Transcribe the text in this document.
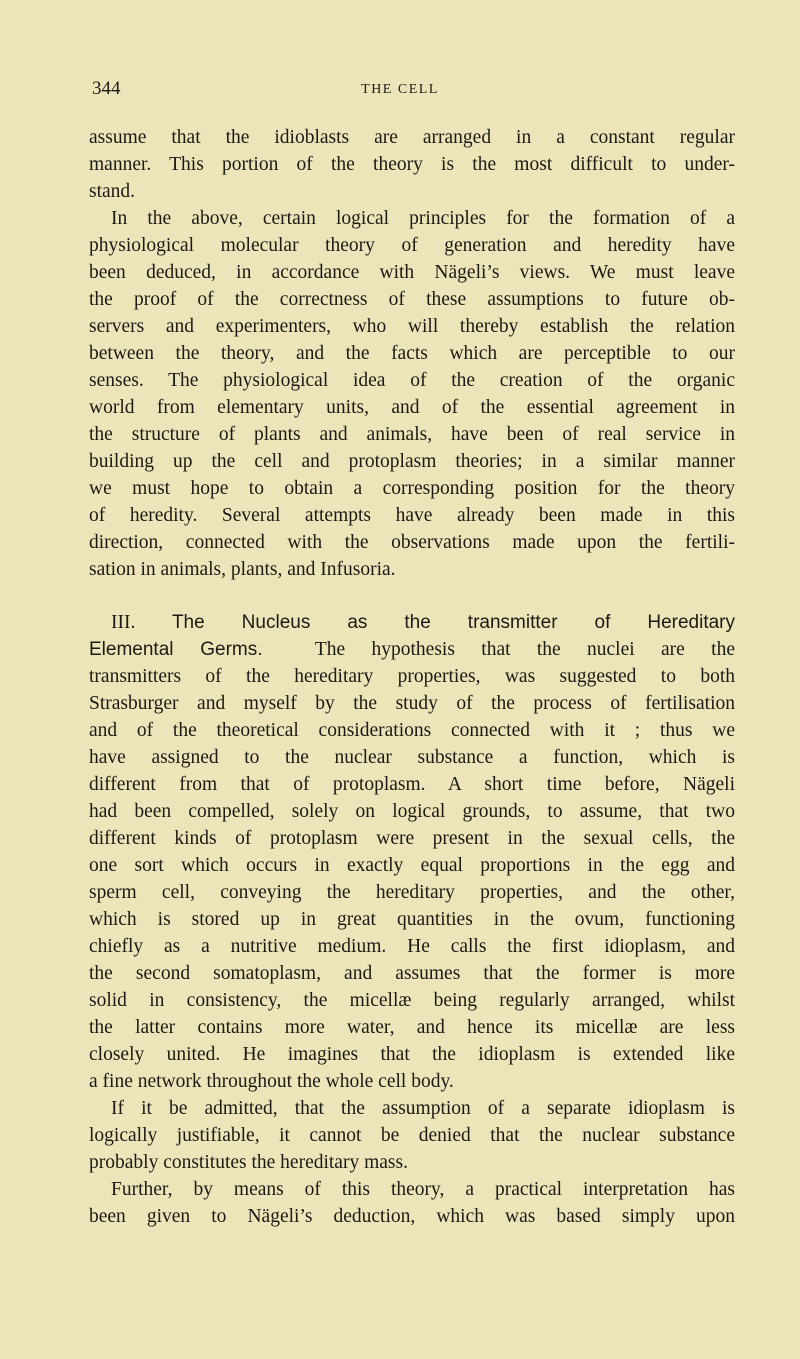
344	THE CELL
assume that the idioblasts are arranged in a constant regular
manner. This portion of the theory is the most difficult to under-
stand.
In the above, certain logical principles for the formation of a
physiological molecular theory of generation and heredity have
been deduced, in accordance with Nägeli’s views. We must leave
the proof of the correctness of these assumptions to future ob-
servers and experimenters, who will thereby establish the relation
between the theory, and the facts which are perceptible to our
senses. The physiological idea of the creation of the organic
world from elementary units, and of the essential agreement in
the structure of plants and animals, have been of real service in
building up the cell and protoplasm theories; in a similar manner
we must hope to obtain a corresponding position for the theory
of heredity. Several attempts have already been made in this
direction, connected with the observations made upon the fertili-
sation in animals, plants, and Infusoria.
III. The Nucleus as the transmitter of Hereditary
Elemental Germs.	The hypothesis that the nuclei are the
transmitters of the hereditary properties, was suggested to both
Strasburger and myself by the study of the process of fertilisation
and of the theoretical considerations connected with it ; thus we
have assigned to the nuclear substance a function, which is
different from that of protoplasm. A short time before, Nägeli
had been compelled, solely on logical grounds, to assume, that two
different kinds of protoplasm were present in the sexual cells, the
one sort which occurs in exactly equal proportions in the egg and
sperm cell, conveying the hereditary properties, and the other,
which is stored up in great quantities in the ovum, functioning
chiefly as a nutritive medium. He calls the first idioplasm, and
the second somatoplasm, and assumes that the former is more
solid in consistency, the micellæ being regularly arranged, whilst
the latter contains more water, and hence its micellæ are less
closely united. He imagines that the idioplasm is extended like
a fine network throughout the whole cell body.
If it be admitted, that the assumption of a separate idioplasm is
logically justifiable, it cannot be denied that the nuclear substance
probably constitutes the hereditary mass.
Further, by means of this theory, a practical interpretation has
been given to Nägeli’s deduction, which was based simply upon
